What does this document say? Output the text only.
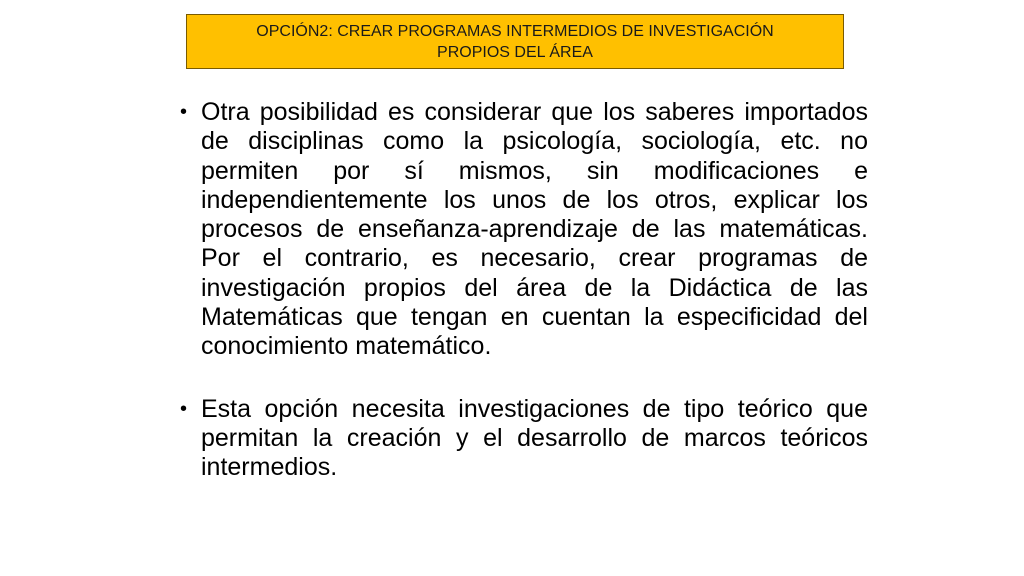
OPCIÓN2: CREAR PROGRAMAS INTERMEDIOS DE INVESTIGACIÓN
PROPIOS DEL ÁREA
• Otra posibilidad es considerar que los saberes importados de disciplinas como la psicología, sociología, etc. no permiten por sí mismos, sin modificaciones e independientemente los unos de los otros, explicar los procesos de enseñanza-aprendizaje de las matemáticas. Por el contrario, es necesario, crear programas de investigación propios del área de la Didáctica de las Matemáticas que tengan en cuentan la especificidad del conocimiento matemático.
• Esta opción necesita investigaciones de tipo teórico que permitan la creación y el desarrollo de marcos teóricos intermedios.
